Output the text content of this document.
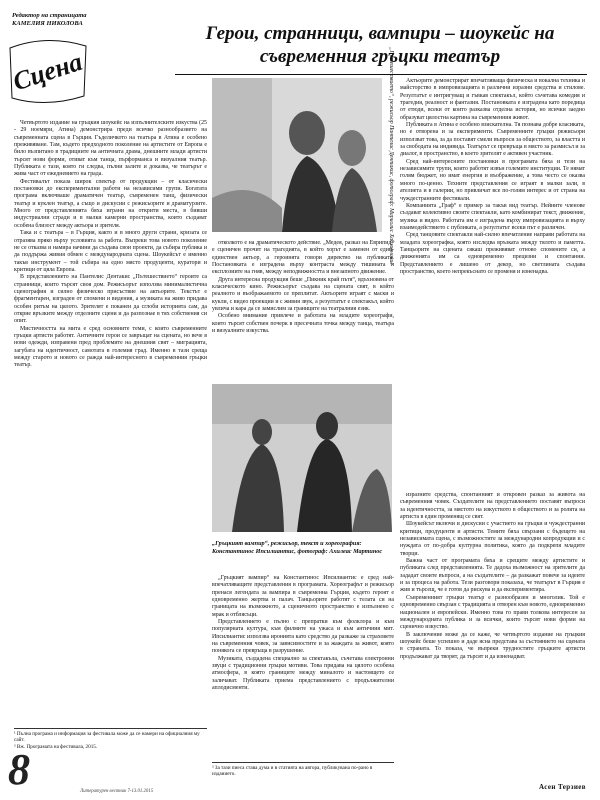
Редактор на страницата
КАМЕЛИЯ НИКОЛОВА
Сцена
Герои, странници, вампири – шоукейс на съвременния гръцки театър

Четвъртото издание на гръцкия шоукейс на изпълнителските изкуства (25 - 29 ноември, Атина) демонстрира преди всичко разнообразието на съвременната сцена в Гърция. Гъделичкото на театъра в Атина е особено преживяване. Там, където предходното поколение на артистите от Европа е било възпитано в традициите на античната драма, днешните млади артисти търсят нови форми, отиват към танца, пърформанса и визуалния театър. Публиката е тази, която ги следва, пълни залите и доказва, че театърът е жива част от ежедневието на града.

Фестивалът показа широк спектър от продукции – от класически постановки до експериментални работи на независими групи. Богатата програма включваше драматичен театър, съвременен танц, физически театър и куклен театър, а също и дискусии с режисьорите и драматурзите. Много от представленията бяха играни на открити места, в бивши индустриални сгради и в малки камерни пространства, които създават особена близост между актьора и зрителя.

Така и с театъра – в Гърция, както и в много други страни, кризата се отразява пряко върху условията за работа. Въпреки това новото поколение не се отказва и намира начини да създава свои проекти, да събира публика и да поддържа живия обмен с международната сцена. Шоукейсът е именно такъв инструмент – той събира на едно място продуценти, куратори и критици от цяла Европа.

В представлението на Пантелис Дентакис „Пътешествието“ героите са странници, които търсят своя дом. Режисьорът използва минималистична сценография и силно физическо присъствие на актьорите. Текстът е фрагментарен, изграден от спомени и видения, а музиката на живо придава особен ритъм на цялото. Зрителят е поканен да сглоби историята сам, да открие връзките между отделните сцени и да разпознае в тях собствения си опит.

Мистичността на мита е сред основните теми, с които съвременните гръцки артисти работят. Античните герои се завръщат на сцената, но вече в нови одежди, изправени пред проблемите на днешния свят – миграцията, загубата на идентичност, самотата в големия град. Именно в тази среща между старото и новото се ражда най-интересното в съвременния гръцки театър.

„Пътешествието“, режисьор Пантелис Дентакис, фотограф: Мариолис Хадзиянакис

отколкото е на драматическото действие. „Медея, разказ на Еврипид“ е сценичен прочит на трагедията, в който хорът е заменен от един-единствен актьор, а героинята говори директно на публиката. Постановката е изградена върху контраста между тишината и експлозиите на гняв, между неподвижността и внезапното движение.

Друга интересна продукция беше „Пикник край пътя“, вдъхновена от класическото кино. Режисьорът създава на сцената свят, в който реалното и въображаемото се преплитат. Актьорите играят с маски и кукли, с видео проекции и с живия звук, а резултатът е спектакъл, който увлича и кара да се замислим за границите на театралния език.

Особено внимание привлече и работата на младите хореографи, които търсят собствен почерк в пресечната точка между танца, театъра и визуалните изкуства.

„Гръцкият вампир“, режисьор, текст и хореография: Константинос Ипсилиантис, фотограф: Ахилеас Мартинос

„Гръцкият вампир“ на Константинос Ипсилиантис е сред най-впечатляващите представления в програмата. Хореографът и режисьор пренася легендата за вампира в съвременна Гърция, където героят е едновременно жертва и палач. Танцьорите работят с телата си на границата на възможното, а сценичното пространство е изпълнено с мрак и отблясъци.

Представлението е пълно с препратки към фолклора и към популярната култура, към филмите на ужаса и към античния мит. Ипсилиантис използва иронията като средство да разкаже за страховете на съвременния човек, за зависимостите и за жаждата за живот, която понякога се превръща в разрушение.

Музиката, създадена специално за спектакъла, съчетава електронни звуци с традиционни гръцки мотиви. Това придава на цялото особена атмосфера, в която границите между миналото и настоящето се заличават. Публиката приема представлението с продължителни аплодисменти.

Актьорите демонстрират впечатляваща физическа и вокална техника и майсторство в импровизацията в различни изразни средства и стилове. Резултатът е интригуващ и гъвкав спектакъл, който съчетава комедия и трагедия, реалност и фантазия. Постановката е изградена като поредица от етюди, всеки от които разказва отделна история, но всички заедно образуват цялостна картина на съвременния живот.

Публиката в Атина е особено взискателна. Тя познава добре класиката, но е отворена и за експерименти. Съвременните гръцки режисьори използват това, за да поставят смели въпроси за обществото, за властта и за свободата на индивида. Театърът се превръща в място за размисъл и за диалог, в пространство, в което зрителят е активен участник.

Сред най-интересните постановки в програмата бяха и тези на независимите трупи, които работят извън големите институции. Те нямат голям бюджет, но имат енергия и въображение, а това често се оказва много по-ценно. Техните представления се играят в малки зали, в ателиета и в галерии, но привличат все по-голям интерес и от страна на чуждестранните фестивали.

Компанията „Граф“ е пример за такъв вид театър. Нейните членове създават колективно своите спектакли, като комбинират текст, движение, музика и видео. Работата им е изградена върху импровизацията и върху взаимодействието с публиката, а резултатът всеки път е различен.

Сред танцовите спектакли най-силно впечатление направи работата на младата хореографка, която изследва връзката между тялото и паметта. Танцьорите на сцената сякаш преживяват отново спомените си, а движенията им са едновременно прецизни и спонтанни. Представлението е лишено от декор, но светлината създава пространство, което непрекъснато се променя и изненадва.

изразните средства, спонтанният и откровен разказ за живота на съвременния човек. Създателите на представлението поставят въпроси за идентичността, за мястото на изкуството в обществото и за ролята на артиста в един променящ се свят.

Шоукейсът включи и дискусии с участието на гръцки и чуждестранни критици, продуценти и артисти. Темите бяха свързани с бъдещето на независимата сцена, с възможностите за международни копродукции и с нуждата от по-добра културна политика, която да подкрепя младите творци.

Важна част от програмата бяха и срещите между артистите и публиката след представленията. Те дадоха възможност на зрителите да зададат своите въпроси, а на създателите – да разкажат повече за идеите и за процеса на работа. Тези разговори показаха, че театърът в Гърция е жив и търсещ, че е готов да рискува и да експериментира.

Съвременният гръцки театър е разнообразен и многолик. Той е едновременно свързан с традицията и отворен към новото, едновременно национален и европейски. Именно това го прави толкова интересен за международната публика и за всички, които търсят нови форми на сценично изкуство.

В заключение може да се каже, че четвъртото издание на гръцкия шоукейс беше успешно и даде ясна представа за състоянието на сцената в страната. То показа, че въпреки трудностите гръцките артисти продължават да творят, да търсят и да изненадват.

¹ Пълна програма и информация за фестивала може да се намери на официалния му сайт.
² Вж. Програмата на фестивала, 2015.
³ За тази пиеса става дума и в статията на автора, публикувана по-рано в изданието.
8	Литературен вестник 7-13.01.2015
Асен Терзиев
